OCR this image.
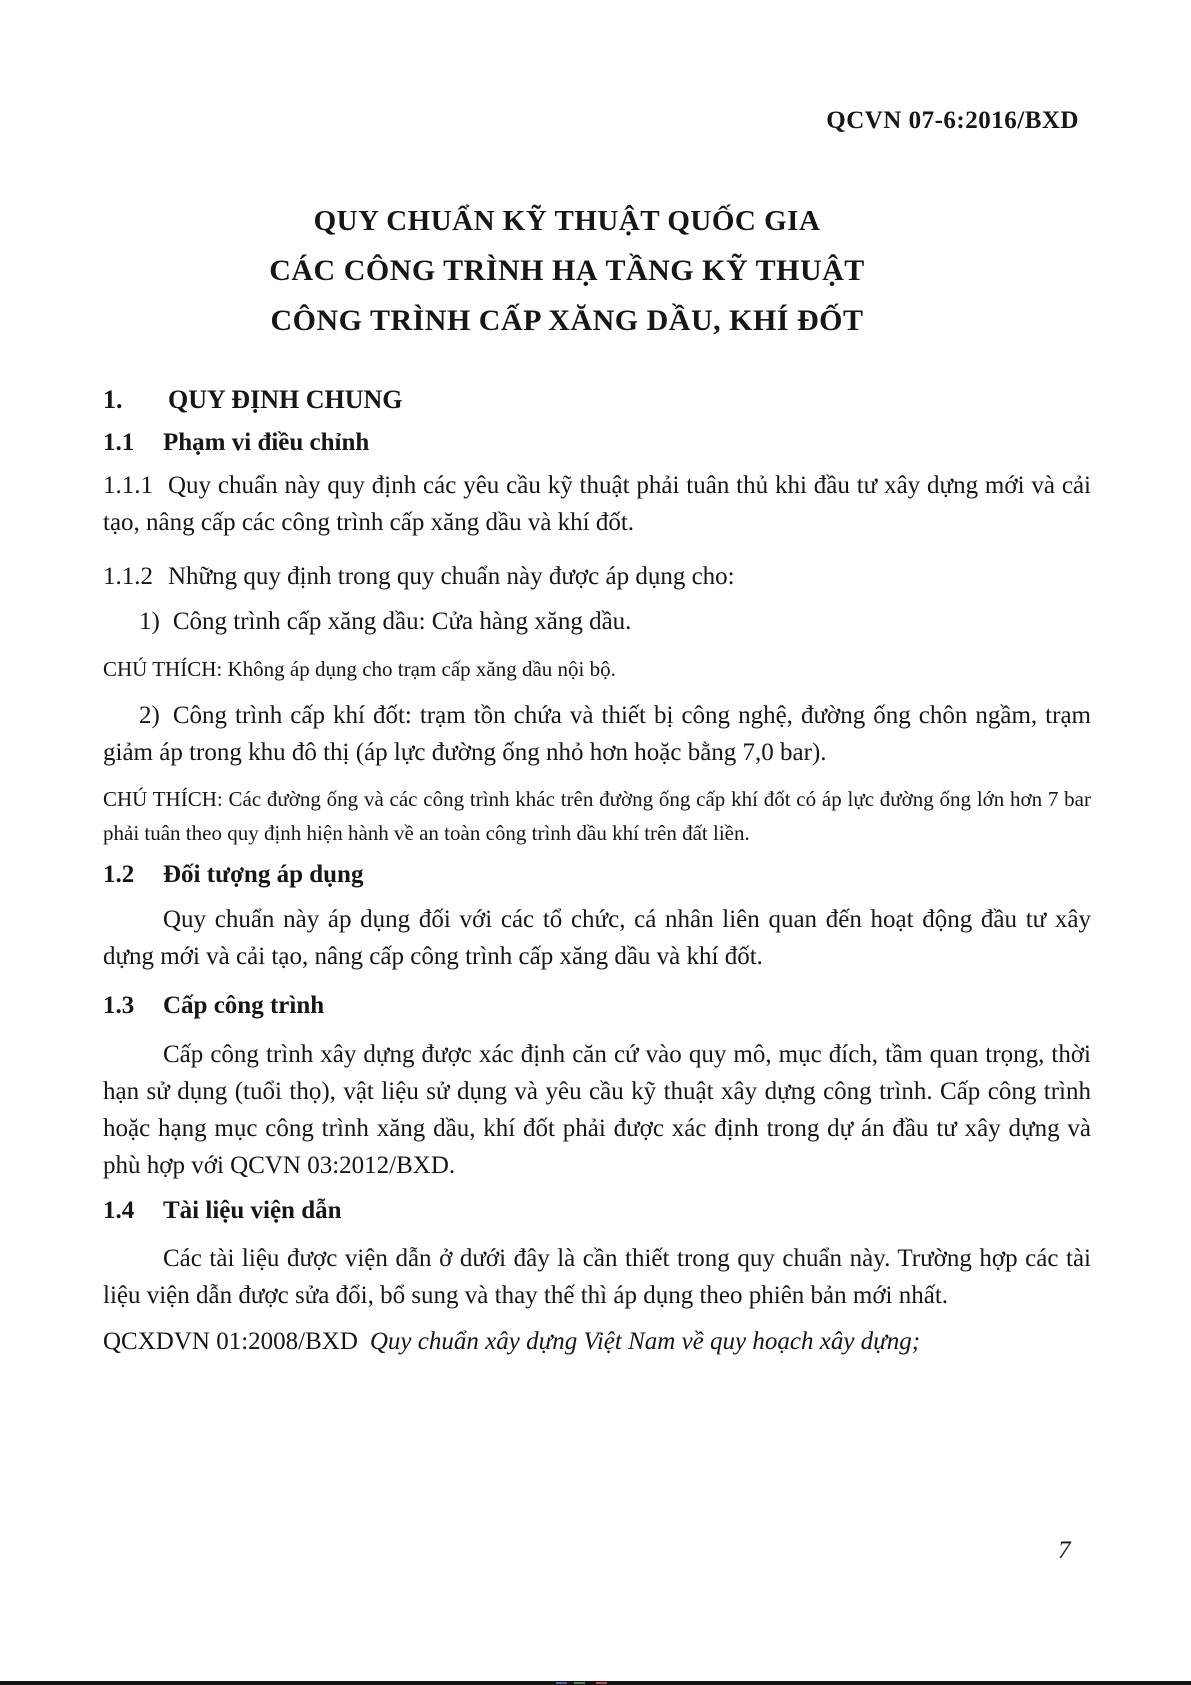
QCVN 07-6:2016/BXD
QUY CHUẨN KỸ THUẬT QUỐC GIA
CÁC CÔNG TRÌNH HẠ TẦNG KỸ THUẬT
CÔNG TRÌNH CẤP XĂNG DẦU, KHÍ ĐỐT
1. QUY ĐỊNH CHUNG
1.1 Phạm vi điều chỉnh

1.1.1 Quy chuẩn này quy định các yêu cầu kỹ thuật phải tuân thủ khi đầu tư xây dựng mới và cải tạo, nâng cấp các công trình cấp xăng dầu và khí đốt.

1.1.2 Những quy định trong quy chuẩn này được áp dụng cho:

1) Công trình cấp xăng dầu: Cửa hàng xăng dầu.

CHÚ THÍCH: Không áp dụng cho trạm cấp xăng dầu nội bộ.

2) Công trình cấp khí đốt: trạm tồn chứa và thiết bị công nghệ, đường ống chôn ngầm, trạm giảm áp trong khu đô thị (áp lực đường ống nhỏ hơn hoặc bằng 7,0 bar).

CHÚ THÍCH: Các đường ống và các công trình khác trên đường ống cấp khí đốt có áp lực đường ống lớn hơn 7 bar phải tuân theo quy định hiện hành về an toàn công trình dầu khí trên đất liền.

1.2 Đối tượng áp dụng

Quy chuẩn này áp dụng đối với các tổ chức, cá nhân liên quan đến hoạt động đầu tư xây dựng mới và cải tạo, nâng cấp công trình cấp xăng dầu và khí đốt.

1.3 Cấp công trình

Cấp công trình xây dựng được xác định căn cứ vào quy mô, mục đích, tầm quan trọng, thời hạn sử dụng (tuổi thọ), vật liệu sử dụng và yêu cầu kỹ thuật xây dựng công trình. Cấp công trình hoặc hạng mục công trình xăng dầu, khí đốt phải được xác định trong dự án đầu tư xây dựng và phù hợp với QCVN 03:2012/BXD.

1.4 Tài liệu viện dẫn

Các tài liệu được viện dẫn ở dưới đây là cần thiết trong quy chuẩn này. Trường hợp các tài liệu viện dẫn được sửa đổi, bổ sung và thay thế thì áp dụng theo phiên bản mới nhất.

QCXDVN 01:2008/BXD Quy chuẩn xây dựng Việt Nam về quy hoạch xây dựng;

7
